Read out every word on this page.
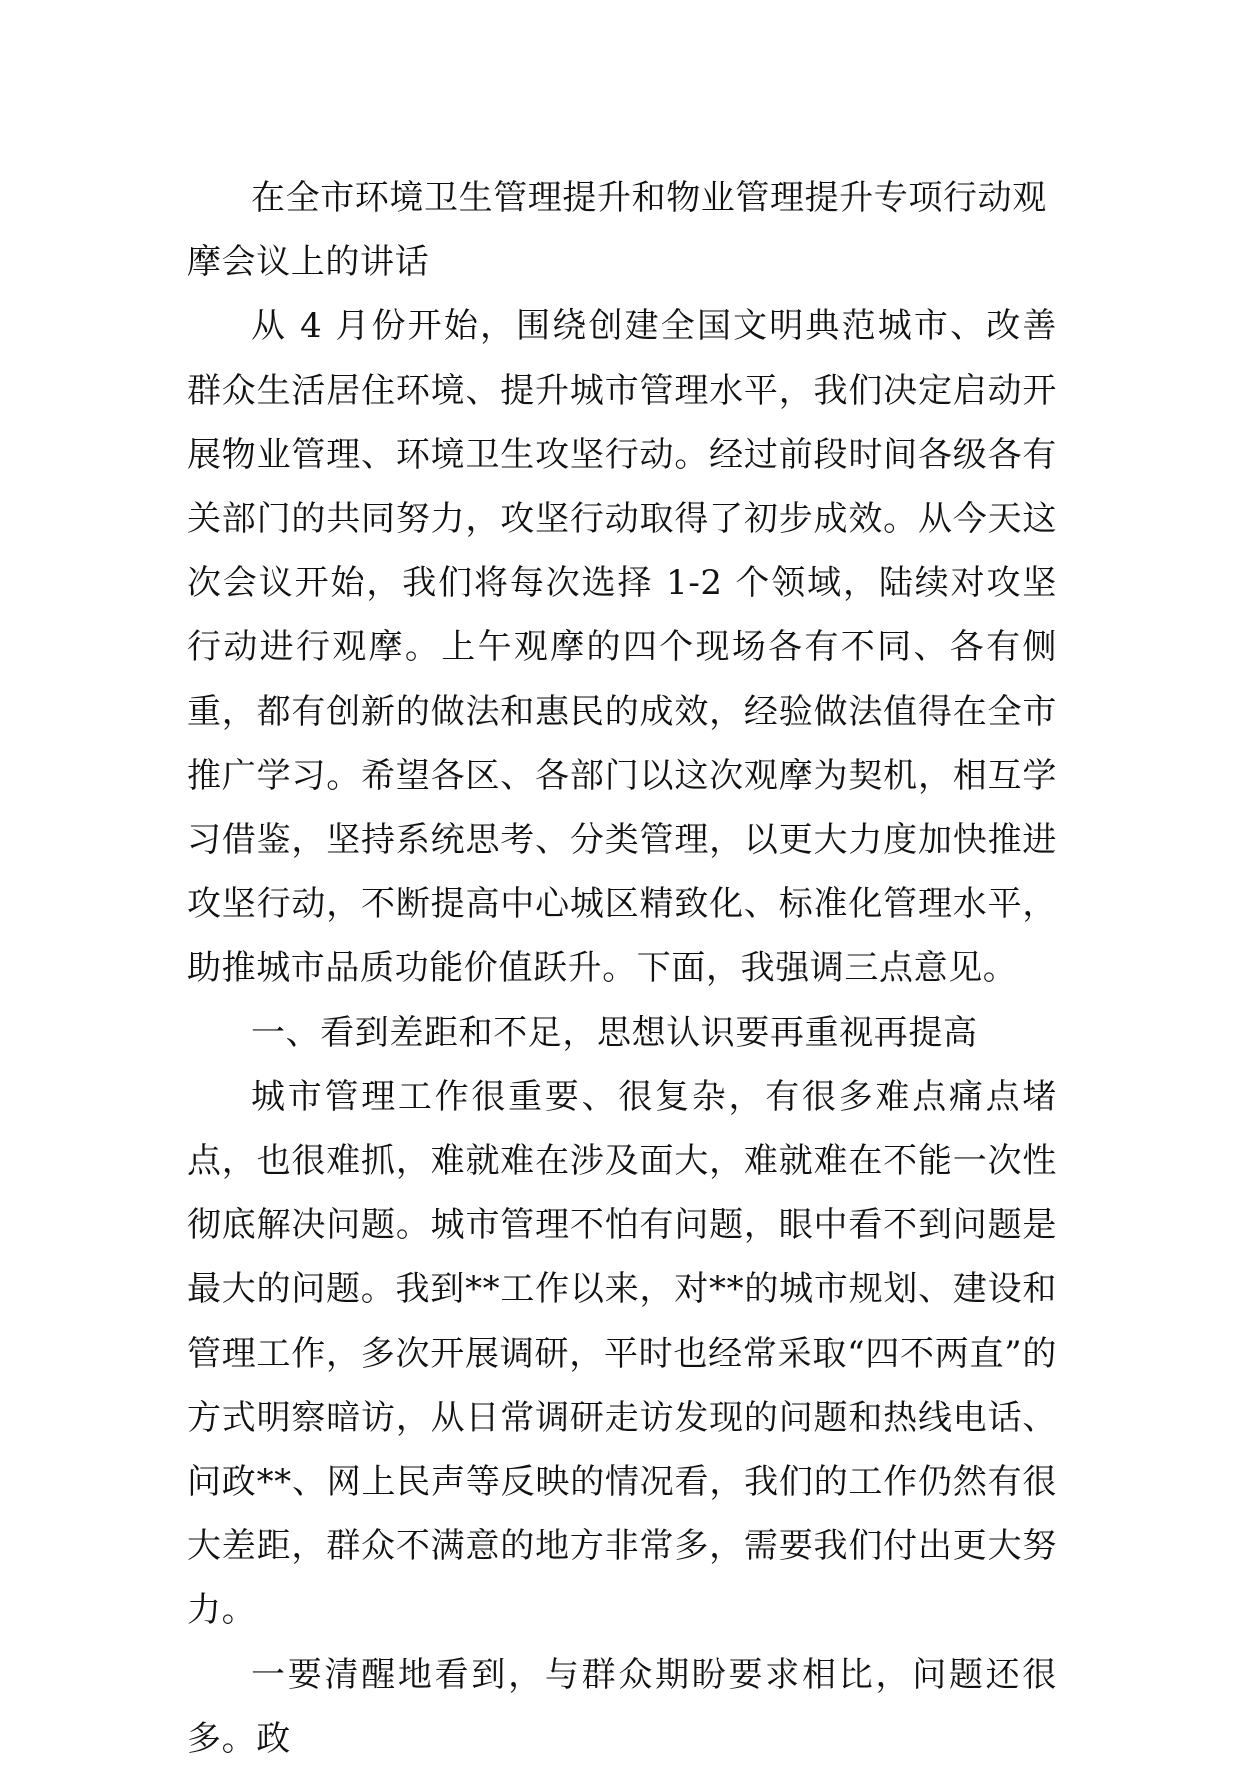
在全市环境卫生管理提升和物业管理提升专项行动观摩会议上的讲话

从 4 月份开始，围绕创建全国文明典范城市、改善群众生活居住环境、提升城市管理水平，我们决定启动开展物业管理、环境卫生攻坚行动。经过前段时间各级各有关部门的共同努力，攻坚行动取得了初步成效。从今天这次会议开始，我们将每次选择 1-2 个领域，陆续对攻坚行动进行观摩。上午观摩的四个现场各有不同、各有侧重，都有创新的做法和惠民的成效，经验做法值得在全市推广学习。希望各区、各部门以这次观摩为契机，相互学习借鉴，坚持系统思考、分类管理，以更大力度加快推进攻坚行动，不断提高中心城区精致化、标准化管理水平，助推城市品质功能价值跃升。下面，我强调三点意见。

一、看到差距和不足，思想认识要再重视再提高

城市管理工作很重要、很复杂，有很多难点痛点堵点，也很难抓，难就难在涉及面大，难就难在不能一次性彻底解决问题。城市管理不怕有问题，眼中看不到问题是最大的问题。我到**工作以来，对**的城市规划、建设和管理工作，多次开展调研，平时也经常采取“四不两直”的方式明察暗访，从日常调研走访发现的问题和热线电话、问政**、网上民声等反映的情况看，我们的工作仍然有很大差距，群众不满意的地方非常多，需要我们付出更大努力。

一要清醒地看到，与群众期盼要求相比，问题还很多。政
